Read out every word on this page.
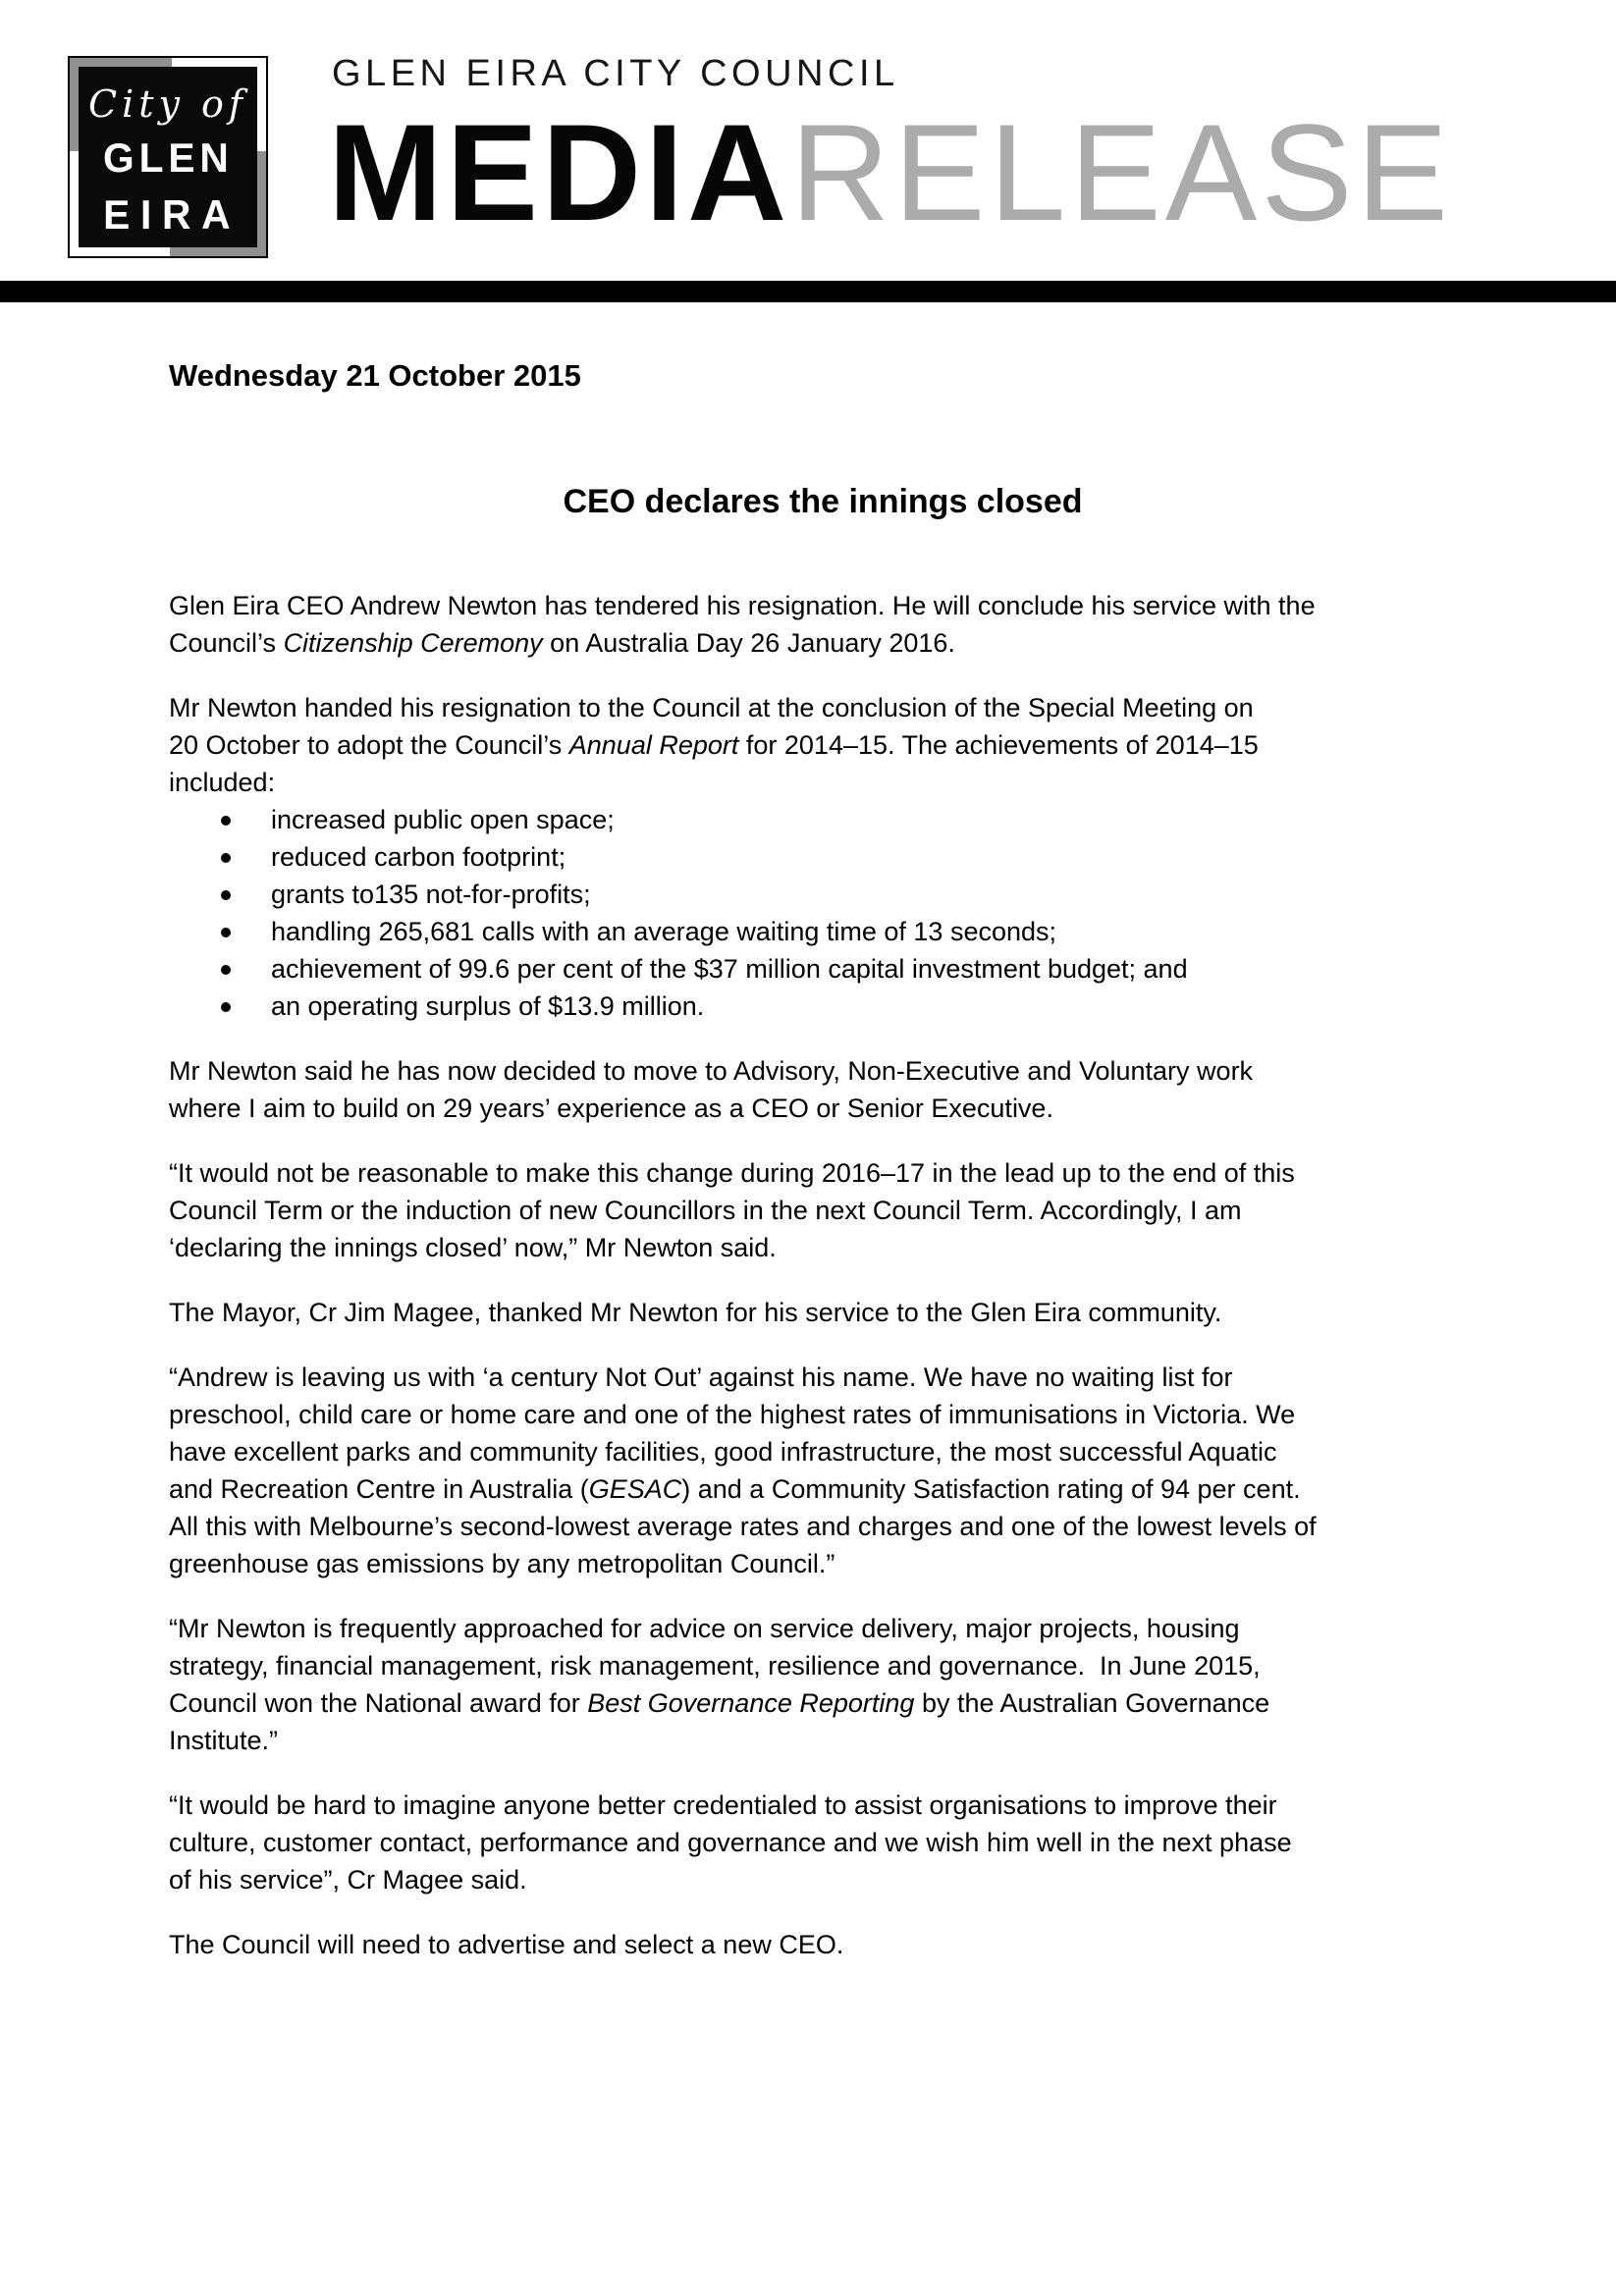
City of
GLEN
EIRA
GLEN EIRA CITY COUNCIL
MEDIARELEASE

Wednesday 21 October 2015

CEO declares the innings closed

Glen Eira CEO Andrew Newton has tendered his resignation. He will conclude his service with the
Council’s Citizenship Ceremony on Australia Day 26 January 2016.

Mr Newton handed his resignation to the Council at the conclusion of the Special Meeting on
20 October to adopt the Council’s Annual Report for 2014–15. The achievements of 2014–15
included:

increased public open space;
reduced carbon footprint;
grants to135 not-for-profits;
handling 265,681 calls with an average waiting time of 13 seconds;
achievement of 99.6 per cent of the $37 million capital investment budget; and
an operating surplus of $13.9 million.

Mr Newton said he has now decided to move to Advisory, Non-Executive and Voluntary work
where I aim to build on 29 years’ experience as a CEO or Senior Executive.

“It would not be reasonable to make this change during 2016–17 in the lead up to the end of this
Council Term or the induction of new Councillors in the next Council Term. Accordingly, I am
‘declaring the innings closed’ now,” Mr Newton said.

The Mayor, Cr Jim Magee, thanked Mr Newton for his service to the Glen Eira community.

“Andrew is leaving us with ‘a century Not Out’ against his name. We have no waiting list for
preschool, child care or home care and one of the highest rates of immunisations in Victoria. We
have excellent parks and community facilities, good infrastructure, the most successful Aquatic
and Recreation Centre in Australia (GESAC) and a Community Satisfaction rating of 94 per cent.
All this with Melbourne’s second-lowest average rates and charges and one of the lowest levels of
greenhouse gas emissions by any metropolitan Council.”

“Mr Newton is frequently approached for advice on service delivery, major projects, housing
strategy, financial management, risk management, resilience and governance.  In June 2015,
Council won the National award for Best Governance Reporting by the Australian Governance
Institute.”

“It would be hard to imagine anyone better credentialed to assist organisations to improve their
culture, customer contact, performance and governance and we wish him well in the next phase
of his service”, Cr Magee said.

The Council will need to advertise and select a new CEO.
